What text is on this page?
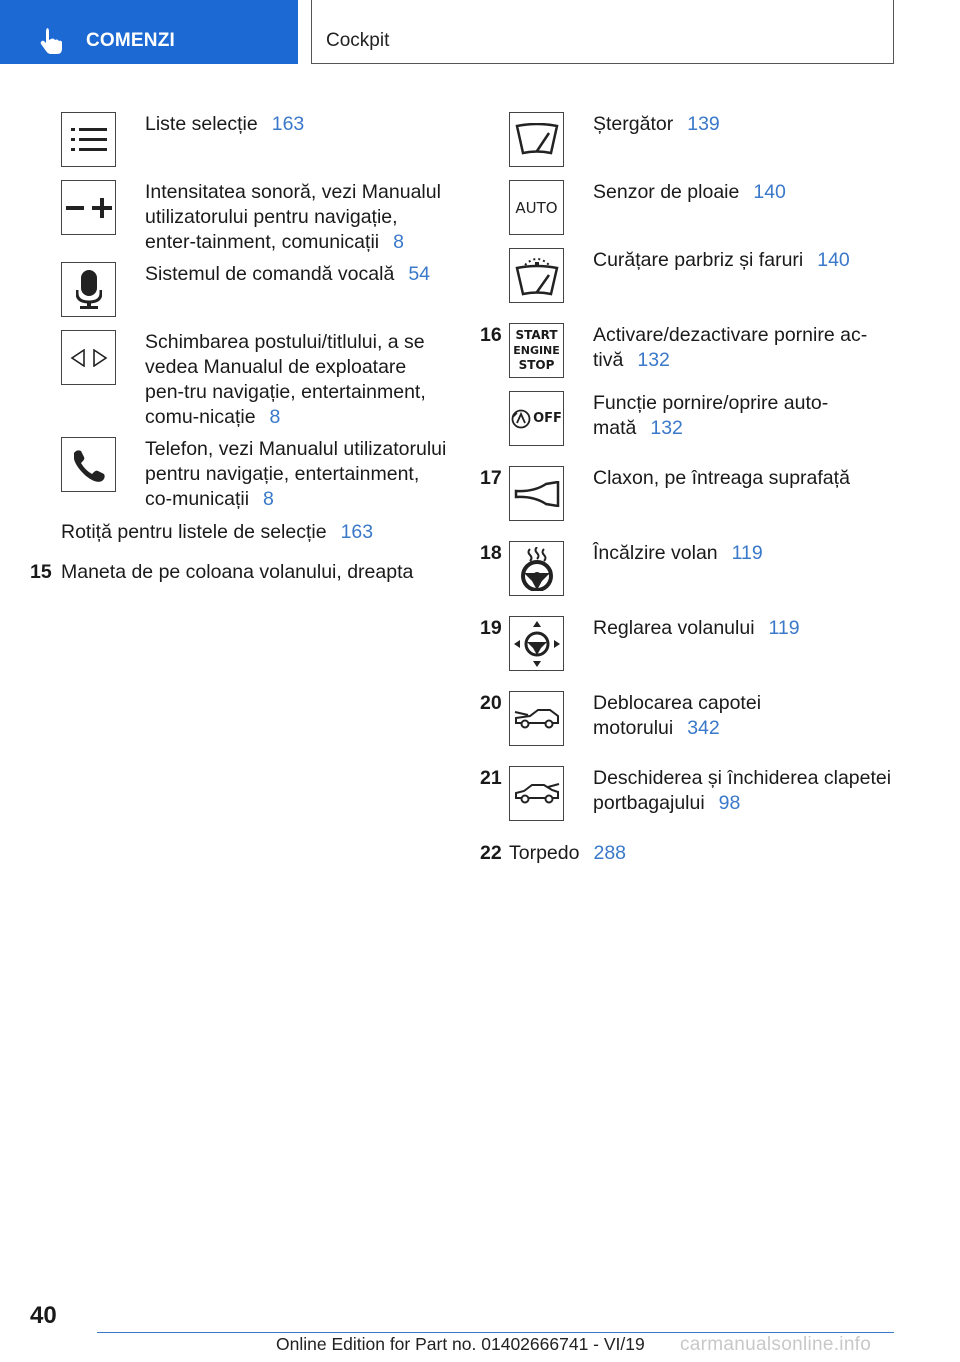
COMENZI	Cockpit
Liste selecție 163
Intensitatea sonoră, vezi Manualul utilizatorului pentru navigație, enter-tainment, comunicații 8
Sistemul de comandă vocală 54
Schimbarea postului/titlului, a se vedea Manualul de exploatare pen-tru navigație, entertainment, comu-nicație 8
Telefon, vezi Manualul utilizatorului pentru navigație, entertainment, co-municații 8
Rotiță pentru listele de selecție 163
15 Maneta de pe coloana volanului, dreapta
Ștergător 139
AUTO
Senzor de ploaie 140
Curățare parbriz și faruri 140
16 START
ENGINE
STOP
Activare/dezactivare pornire ac-tivă 132
OFF
Funcție pornire/oprire auto-mată 132
17	Claxon, pe întreaga suprafață
18	Încălzire volan 119
19	Reglarea volanului 119
20	Deblocarea capotei motorului 342
21	Deschiderea și închiderea clapetei portbagajului 98
22 Torpedo 288
40
Online Edition for Part no. 01402666741 - VI/19 carmanualsonline.info
